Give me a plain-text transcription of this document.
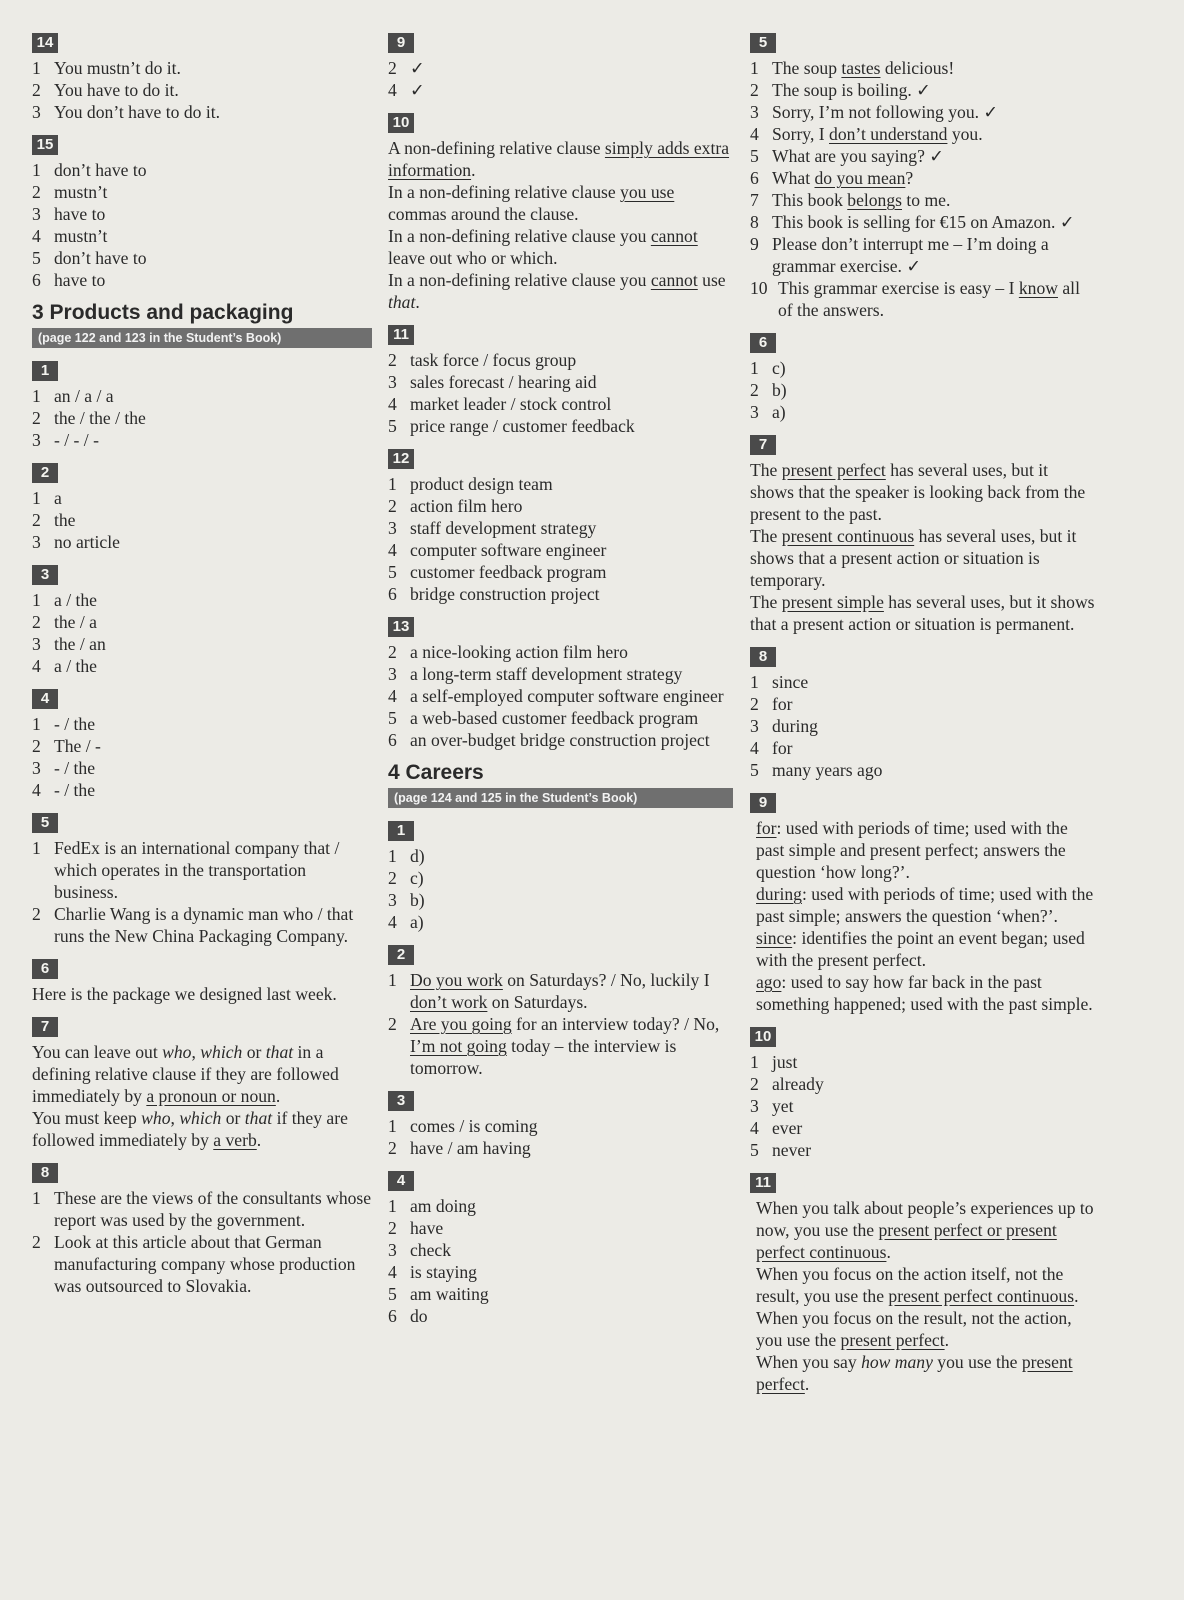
14
1 You mustn’t do it.
2 You have to do it.
3 You don’t have to do it.
15
1 don’t have to
2 mustn’t
3 have to
4 mustn’t
5 don’t have to
6 have to
3 Products and packaging
(page 122 and 123 in the Student’s Book)
1
1 an / a / a
2 the / the / the
3 - / - / -
2
1 a
2 the
3 no article
3
1 a / the
2 the / a
3 the / an
4 a / the
4
1 - / the
2 The / -
3 - / the
4 - / the
5
1 FedEx is an international company that / which operates in the transportation business.
2 Charlie Wang is a dynamic man who / that runs the New China Packaging Company.
6

Here is the package we designed last week.

7

You can leave out who, which or that in a defining relative clause if they are followed immediately by a pronoun or noun.

You must keep who, which or that if they are followed immediately by a verb.

8
1 These are the views of the consultants whose report was used by the government.
2 Look at this article about that German manufacturing company whose production was outsourced to Slovakia.
9
2 ✓
4 ✓
10

A non-defining relative clause simply adds extra information.

In a non-defining relative clause you use commas around the clause.

In a non-defining relative clause you cannot leave out who or which.

In a non-defining relative clause you cannot use that.

11
2 task force / focus group
3 sales forecast / hearing aid
4 market leader / stock control
5 price range / customer feedback
12
1 product design team
2 action film hero
3 staff development strategy
4 computer software engineer
5 customer feedback program
6 bridge construction project
13
2 a nice-looking action film hero
3 a long-term staff development strategy
4 a self-employed computer software engineer
5 a web-based customer feedback program
6 an over-budget bridge construction project
4 Careers
(page 124 and 125 in the Student’s Book)
1
1 d)
2 c)
3 b)
4 a)
2
1 Do you work on Saturdays? / No, luckily I don’t work on Saturdays.
2 Are you going for an interview today? / No, I’m not going today – the interview is tomorrow.
3
1 comes / is coming
2 have / am having
4
1 am doing
2 have
3 check
4 is staying
5 am waiting
6 do
5
1 The soup tastes delicious!
2 The soup is boiling. ✓
3 Sorry, I’m not following you. ✓
4 Sorry, I don’t understand you.
5 What are you saying? ✓
6 What do you mean?
7 This book belongs to me.
8 This book is selling for €15 on Amazon. ✓
9 Please don’t interrupt me – I’m doing a grammar exercise. ✓
10 This grammar exercise is easy – I know all of the answers.
6
1 c)
2 b)
3 a)
7

The present perfect has several uses, but it shows that the speaker is looking back from the present to the past.

The present continuous has several uses, but it shows that a present action or situation is temporary.

The present simple has several uses, but it shows that a present action or situation is permanent.

8
1 since
2 for
3 during
4 for
5 many years ago
9

for: used with periods of time; used with the past simple and present perfect; answers the question ‘how long?’.

during: used with periods of time; used with the past simple; answers the question ‘when?’.

since: identifies the point an event began; used with the present perfect.

ago: used to say how far back in the past something happened; used with the past simple.

10
1 just
2 already
3 yet
4 ever
5 never
11

When you talk about people’s experiences up to now, you use the present perfect or present perfect continuous.

When you focus on the action itself, not the result, you use the present perfect continuous.

When you focus on the result, not the action, you use the present perfect.

When you say how many you use the present perfect.
